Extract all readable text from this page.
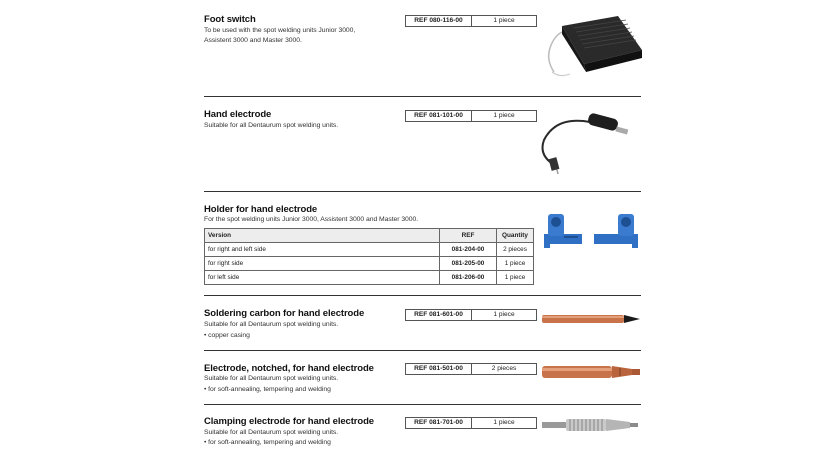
Foot switch
To be used with the spot welding units Junior 3000,
Assistent 3000 and Master 3000.
REF 080-116-00	1 piece
Hand electrode
Suitable for all Dentaurum spot welding units.
REF 081-101-00	1 piece
Holder for hand electrode
For the spot welding units Junior 3000, Assistent 3000 and Master 3000.
Version	REF	Quantity
for right and left side	081-204-00	2 pieces
for right side	081-205-00	1 piece
for left side	081-206-00	1 piece
Soldering carbon for hand electrode
Suitable for all Dentaurum spot welding units.
• copper casing
REF 081-601-00	1 piece
Electrode, notched, for hand electrode
Suitable for all Dentaurum spot welding units.
• for soft-annealing, tempering and welding
REF 081-501-00	2 pieces
Clamping electrode for hand electrode
Suitable for all Dentaurum spot welding units.
• for soft-annealing, tempering and welding
REF 081-701-00	1 piece
